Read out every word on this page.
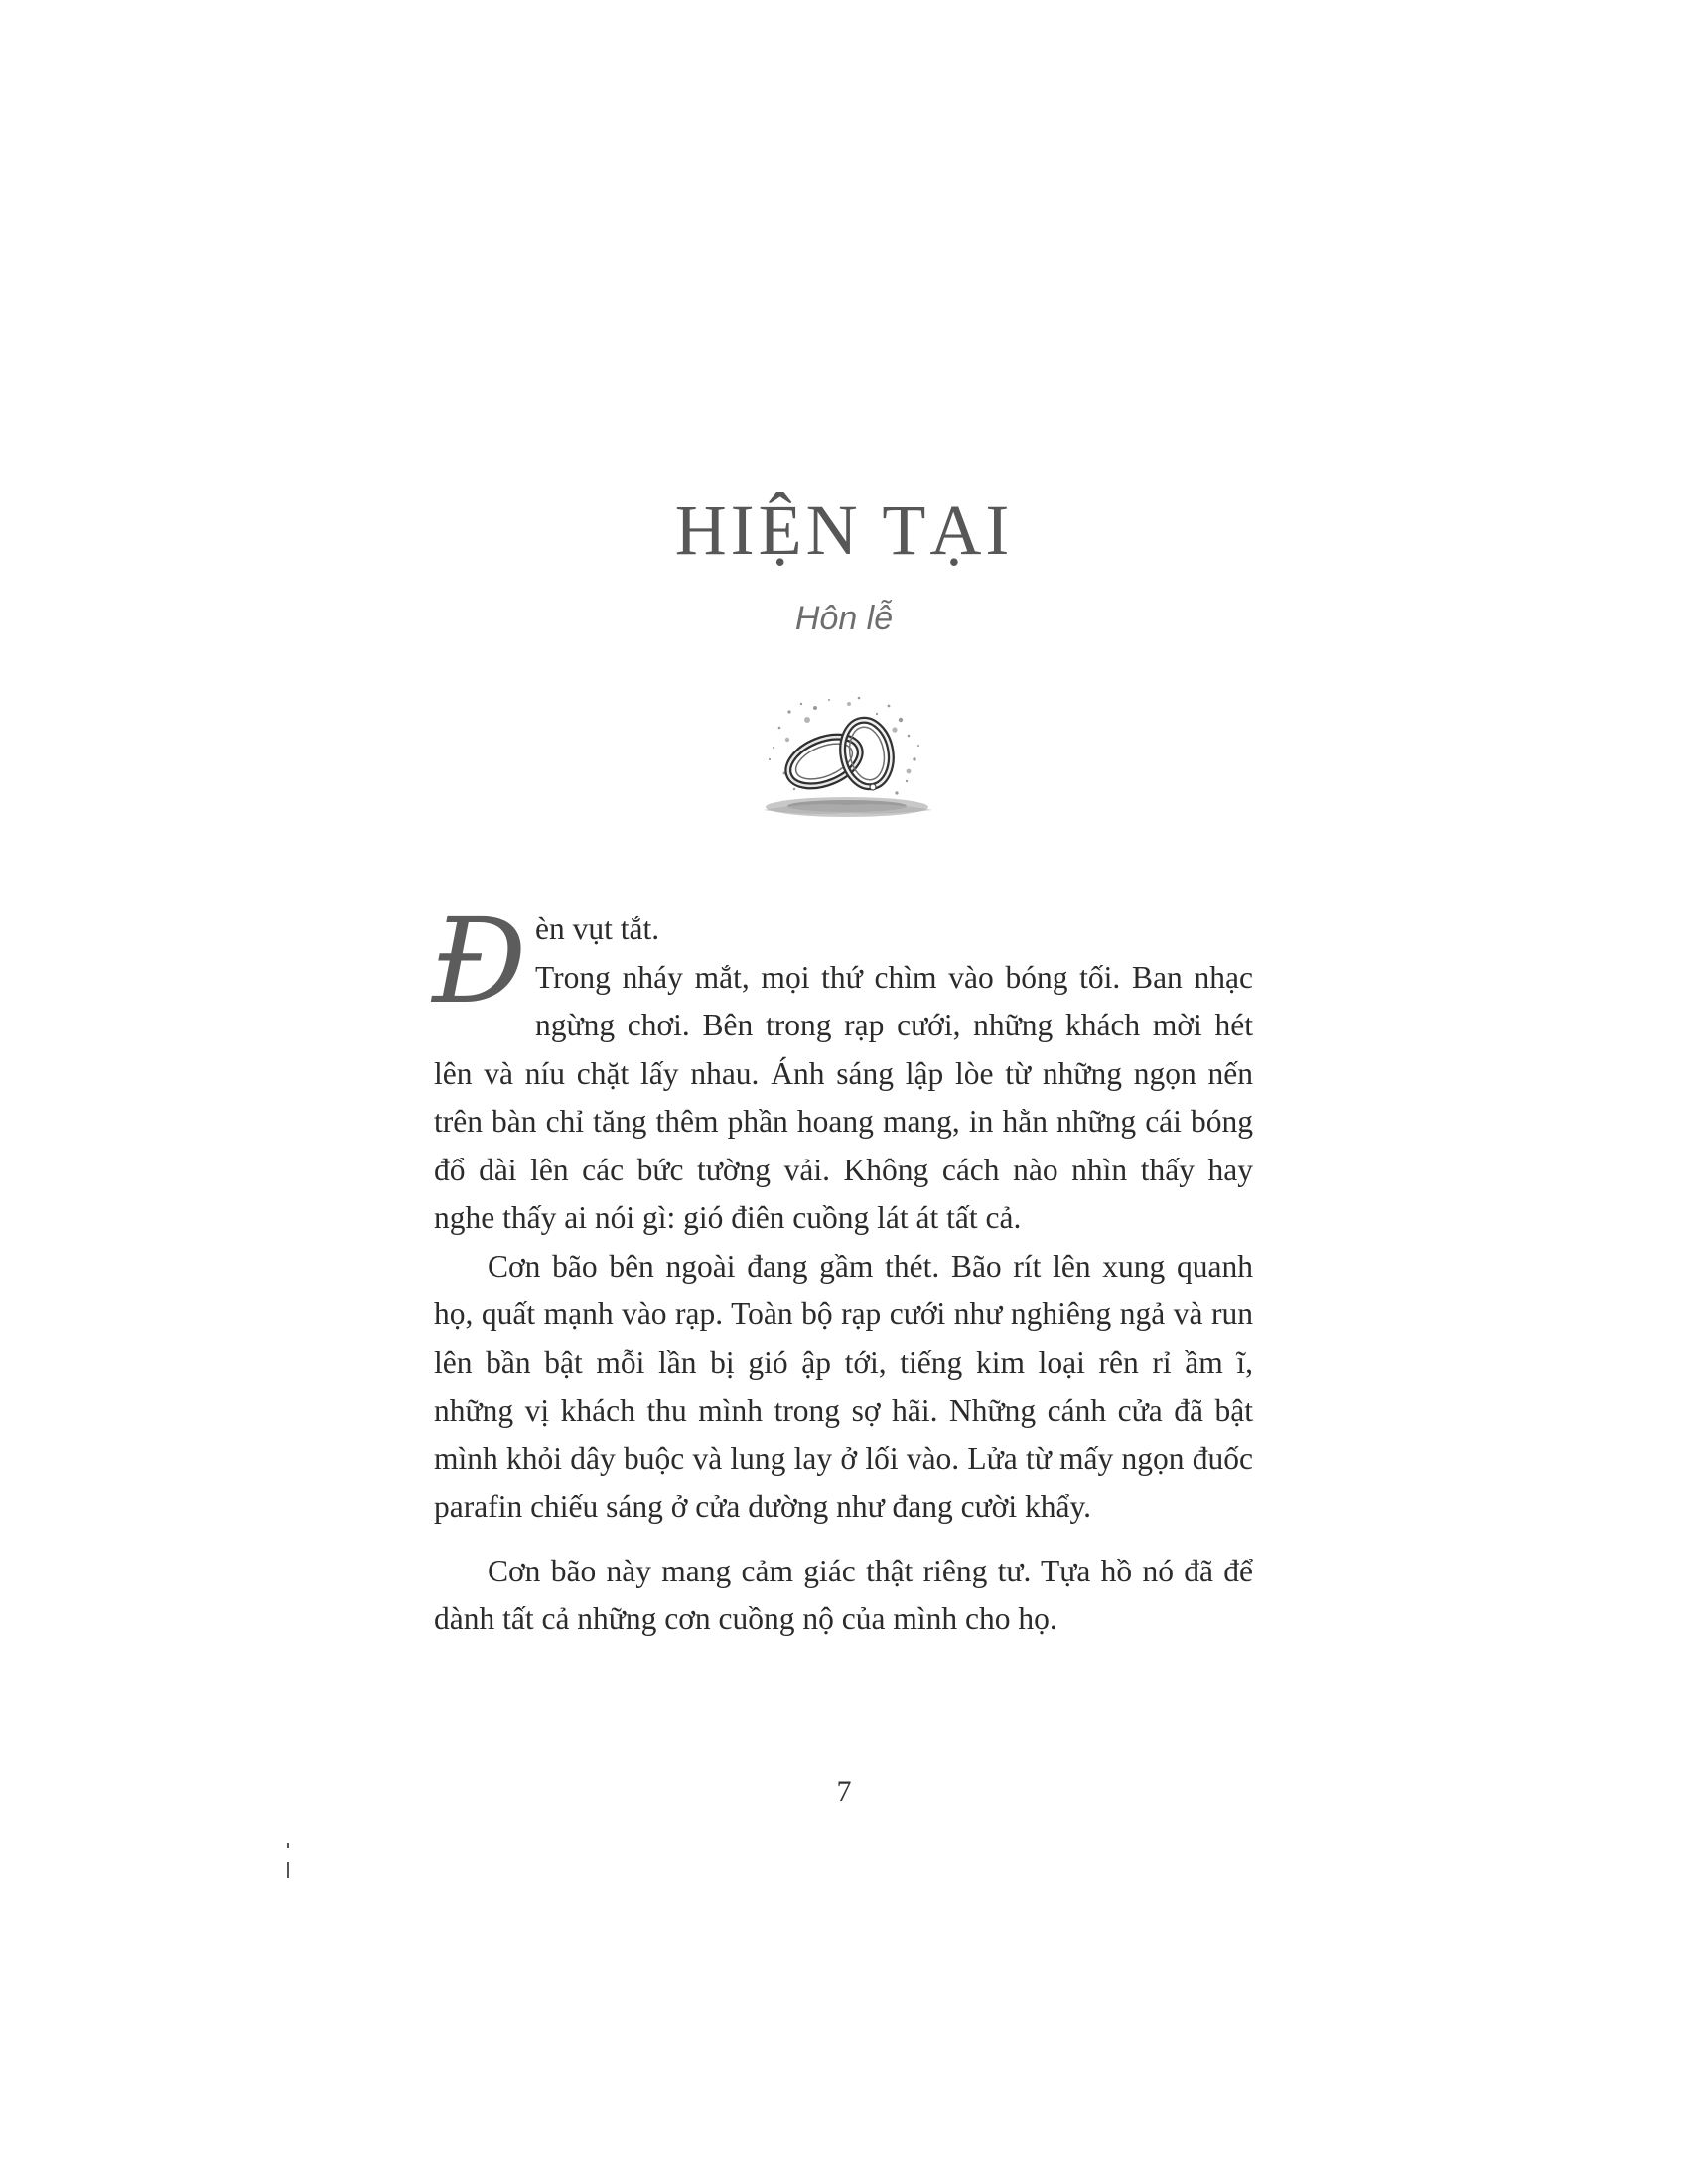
HIỆN TẠI

Hôn lễ

Đ èn vụt tắt.
Trong nháy mắt, mọi thứ chìm vào bóng tối. Ban nhạc ngừng chơi. Bên trong rạp cưới, những khách mời hét lên và níu chặt lấy nhau. Ánh sáng lập lòe từ những ngọn nến trên bàn chỉ tăng thêm phần hoang mang, in hằn những cái bóng đổ dài lên các bức tường vải. Không cách nào nhìn thấy hay nghe thấy ai nói gì: gió điên cuồng lát át tất cả.

Cơn bão bên ngoài đang gầm thét. Bão rít lên xung quanh họ, quất mạnh vào rạp. Toàn bộ rạp cưới như nghiêng ngả và run lên bần bật mỗi lần bị gió ập tới, tiếng kim loại rên rỉ ầm ĩ, những vị khách thu mình trong sợ hãi. Những cánh cửa đã bật mình khỏi dây buộc và lung lay ở lối vào. Lửa từ mấy ngọn đuốc parafin chiếu sáng ở cửa dường như đang cười khẩy.

Cơn bão này mang cảm giác thật riêng tư. Tựa hồ nó đã để dành tất cả những cơn cuồng nộ của mình cho họ.

7
